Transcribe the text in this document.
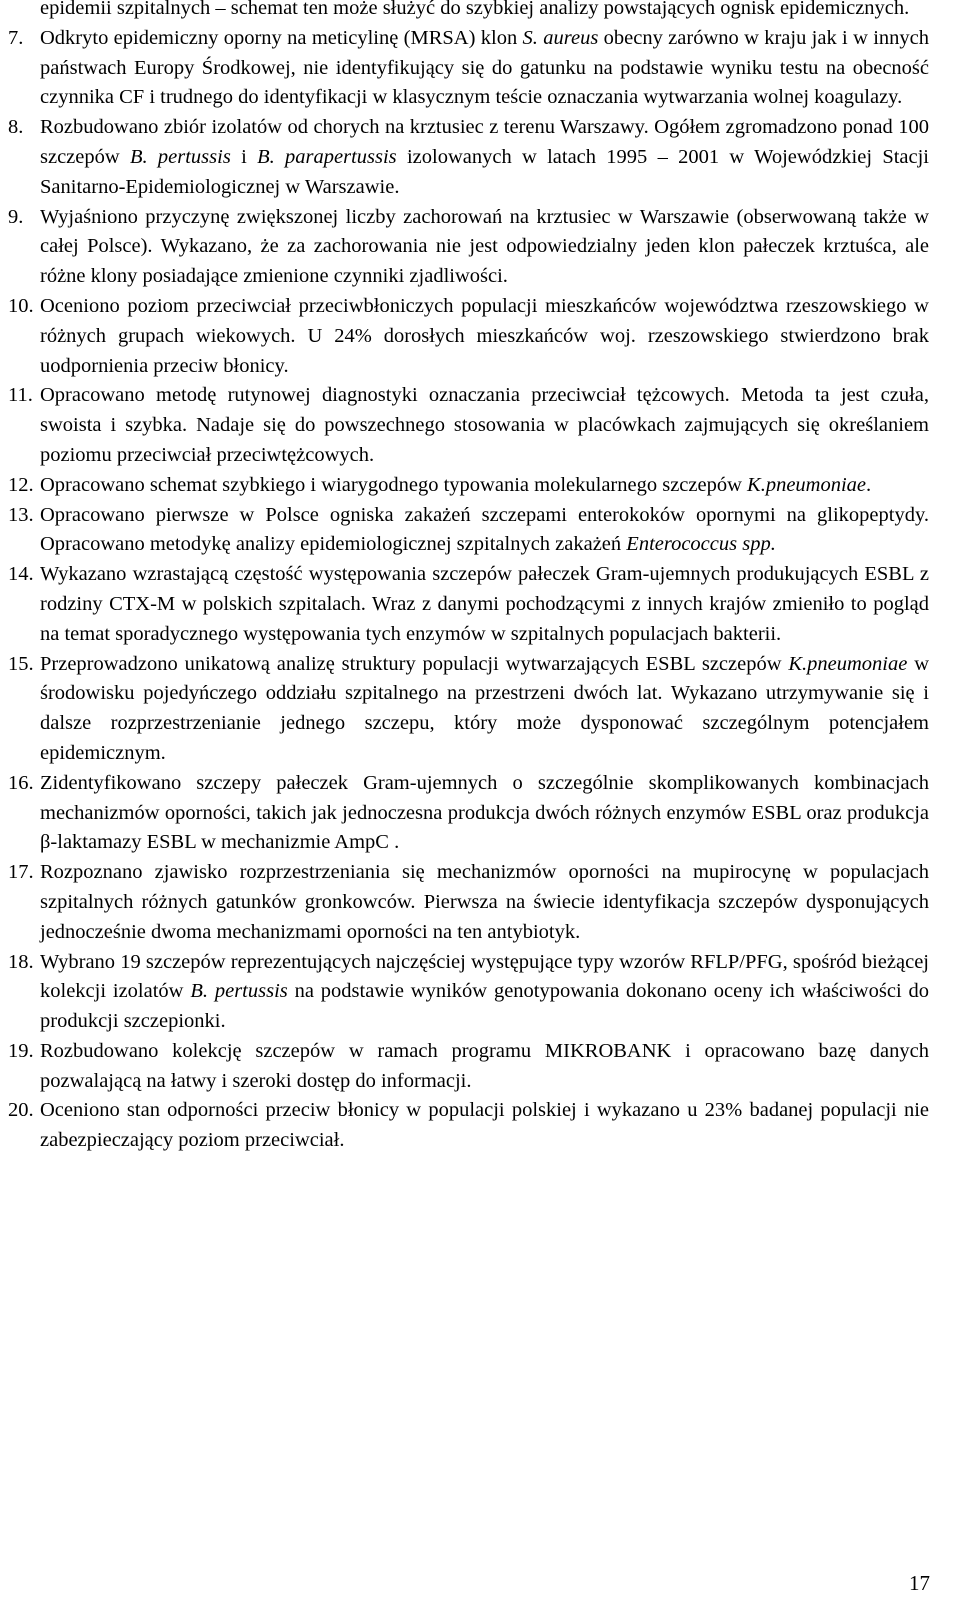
epidemii szpitalnych – schemat ten może służyć do szybkiej analizy powstających ognisk epidemicznych.
7. Odkryto epidemiczny oporny na meticylinę (MRSA) klon S. aureus obecny zarówno w kraju jak i w innych państwach Europy Środkowej, nie identyfikujący się do gatunku na podstawie wyniku testu na obecność czynnika CF i trudnego do identyfikacji w klasycznym teście oznaczania wytwarzania wolnej koagulazy.
8. Rozbudowano zbiór izolatów od chorych na krztusiec z terenu Warszawy. Ogółem zgromadzono ponad 100 szczepów B. pertussis i B. parapertussis izolowanych w latach 1995 – 2001 w Wojewódzkiej Stacji Sanitarno-Epidemiologicznej w Warszawie.
9. Wyjaśniono przyczynę zwiększonej liczby zachorowań na krztusiec w Warszawie (obserwowaną także w całej Polsce). Wykazano, że za zachorowania nie jest odpowiedzialny jeden klon pałeczek krztuśca, ale różne klony posiadające zmienione czynniki zjadliwości.
10. Oceniono poziom przeciwciał przeciwbłoniczych populacji mieszkańców województwa rzeszowskiego w różnych grupach wiekowych. U 24% dorosłych mieszkańców woj. rzeszowskiego stwierdzono brak uodpornienia przeciw błonicy.
11. Opracowano metodę rutynowej diagnostyki oznaczania przeciwciał tężcowych. Metoda ta jest czuła, swoista i szybka. Nadaje się do powszechnego stosowania w placówkach zajmujących się określaniem poziomu przeciwciał przeciwtężcowych.
12. Opracowano schemat szybkiego i wiarygodnego typowania molekularnego szczepów K.pneumoniae.
13. Opracowano pierwsze w Polsce ogniska zakażeń szczepami enterokoków opornymi na glikopeptydy. Opracowano metodykę analizy epidemiologicznej szpitalnych zakażeń Enterococcus spp.
14. Wykazano wzrastającą częstość występowania szczepów pałeczek Gram-ujemnych produkujących ESBL z rodziny CTX-M w polskich szpitalach. Wraz z danymi pochodzącymi z innych krajów zmieniło to pogląd na temat sporadycznego występowania tych enzymów w szpitalnych populacjach bakterii.
15. Przeprowadzono unikatową analizę struktury populacji wytwarzających ESBL szczepów K.pneumoniae w środowisku pojedyńczego oddziału szpitalnego na przestrzeni dwóch lat. Wykazano utrzymywanie się i dalsze rozprzestrzenianie jednego szczepu, który może dysponować szczególnym potencjałem epidemicznym.
16. Zidentyfikowano szczepy pałeczek Gram-ujemnych o szczególnie skomplikowanych kombinacjach mechanizmów oporności, takich jak jednoczesna produkcja dwóch różnych enzymów ESBL oraz produkcja β-laktamazy ESBL w mechanizmie AmpC .
17. Rozpoznano zjawisko rozprzestrzeniania się mechanizmów oporności na mupirocynę w populacjach szpitalnych różnych gatunków gronkowców. Pierwsza na świecie identyfikacja szczepów dysponujących jednocześnie dwoma mechanizmami oporności na ten antybiotyk.
18. Wybrano 19 szczepów reprezentujących najczęściej występujące typy wzorów RFLP/PFG, spośród bieżącej kolekcji izolatów B. pertussis na podstawie wyników genotypowania dokonano oceny ich właściwości do produkcji szczepionki.
19. Rozbudowano kolekcję szczepów w ramach programu MIKROBANK i opracowano bazę danych pozwalającą na łatwy i szeroki dostęp do informacji.
20. Oceniono stan odporności przeciw błonicy w populacji polskiej i wykazano u 23% badanej populacji nie zabezpieczający poziom przeciwciał.
17
